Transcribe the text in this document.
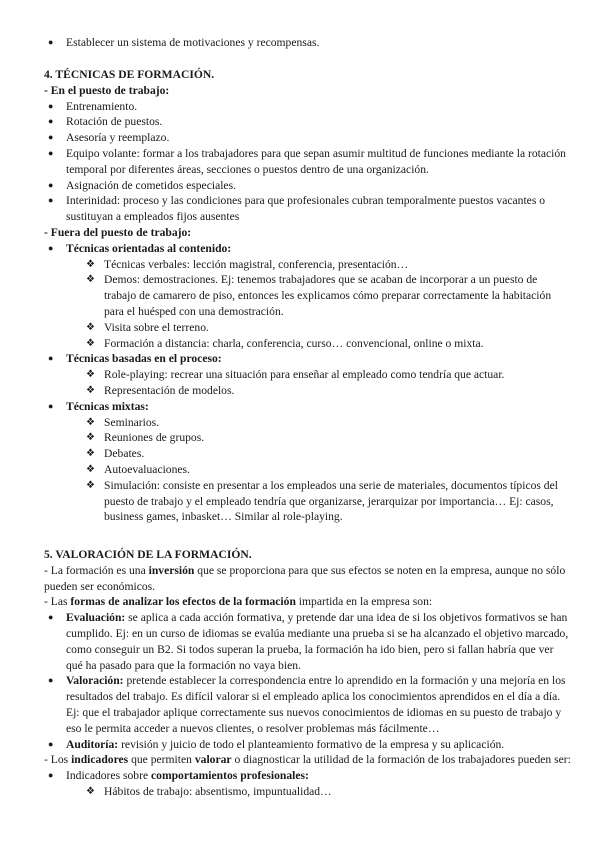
●	Establecer un sistema de motivaciones y recompensas.
4. TÉCNICAS DE FORMACIÓN.

- En el puesto de trabajo:

●	Entrenamiento.
●	Rotación de puestos.
●	Asesoría y reemplazo.
●	Equipo volante: formar a los trabajadores para que sepan asumir multitud de funciones mediante la rotación temporal por diferentes áreas, secciones o puestos dentro de una organización.
●	Asignación de cometidos especiales.
●	Interinidad: proceso y las condiciones para que profesionales cubran temporalmente puestos vacantes o sustituyan a empleados fijos ausentes

- Fuera del puesto de trabajo:

●	Técnicas orientadas al contenido:
❖ Técnicas verbales: lección magistral, conferencia, presentación…
❖ Demos: demostraciones. Ej: tenemos trabajadores que se acaban de incorporar a un puesto de trabajo de camarero de piso, entonces les explicamos cómo preparar correctamente la habitación para el huésped con una demostración.
❖ Visita sobre el terreno.
❖ Formación a distancia: charla, conferencia, curso… convencional, online o mixta.
●	Técnicas basadas en el proceso:
❖ Role-playing: recrear una situación para enseñar al empleado como tendría que actuar.
❖ Representación de modelos.
●	Técnicas mixtas:
❖ Seminarios.
❖ Reuniones de grupos.
❖ Debates.
❖ Autoevaluaciones.
❖ Simulación: consiste en presentar a los empleados una serie de materiales, documentos típicos del puesto de trabajo y el empleado tendría que organizarse, jerarquizar por importancia… Ej: casos, business games, inbasket… Similar al role-playing.
5. VALORACIÓN DE LA FORMACIÓN.

- La formación es una inversión que se proporciona para que sus efectos se noten en la empresa, aunque no sólo pueden ser económicos.

- Las formas de analizar los efectos de la formación impartida en la empresa son:

●	Evaluación: se aplica a cada acción formativa, y pretende dar una idea de si los objetivos formativos se han cumplido. Ej: en un curso de idiomas se evalúa mediante una prueba si se ha alcanzado el objetivo marcado, como conseguir un B2. Si todos superan la prueba, la formación ha ido bien, pero si fallan habría que ver qué ha pasado para que la formación no vaya bien.
●	Valoración: pretende establecer la correspondencia entre lo aprendido en la formación y una mejoría en los resultados del trabajo. Es difícil valorar si el empleado aplica los conocimientos aprendidos en el día a día. Ej: que el trabajador aplique correctamente sus nuevos conocimientos de idiomas en su puesto de trabajo y eso le permita acceder a nuevos clientes, o resolver problemas más fácilmente…
●	Auditoría: revisión y juicio de todo el planteamiento formativo de la empresa y su aplicación.

- Los indicadores que permiten valorar o diagnosticar la utilidad de la formación de los trabajadores pueden ser:

●	Indicadores sobre comportamientos profesionales:
❖ Hábitos de trabajo: absentismo, impuntualidad…
